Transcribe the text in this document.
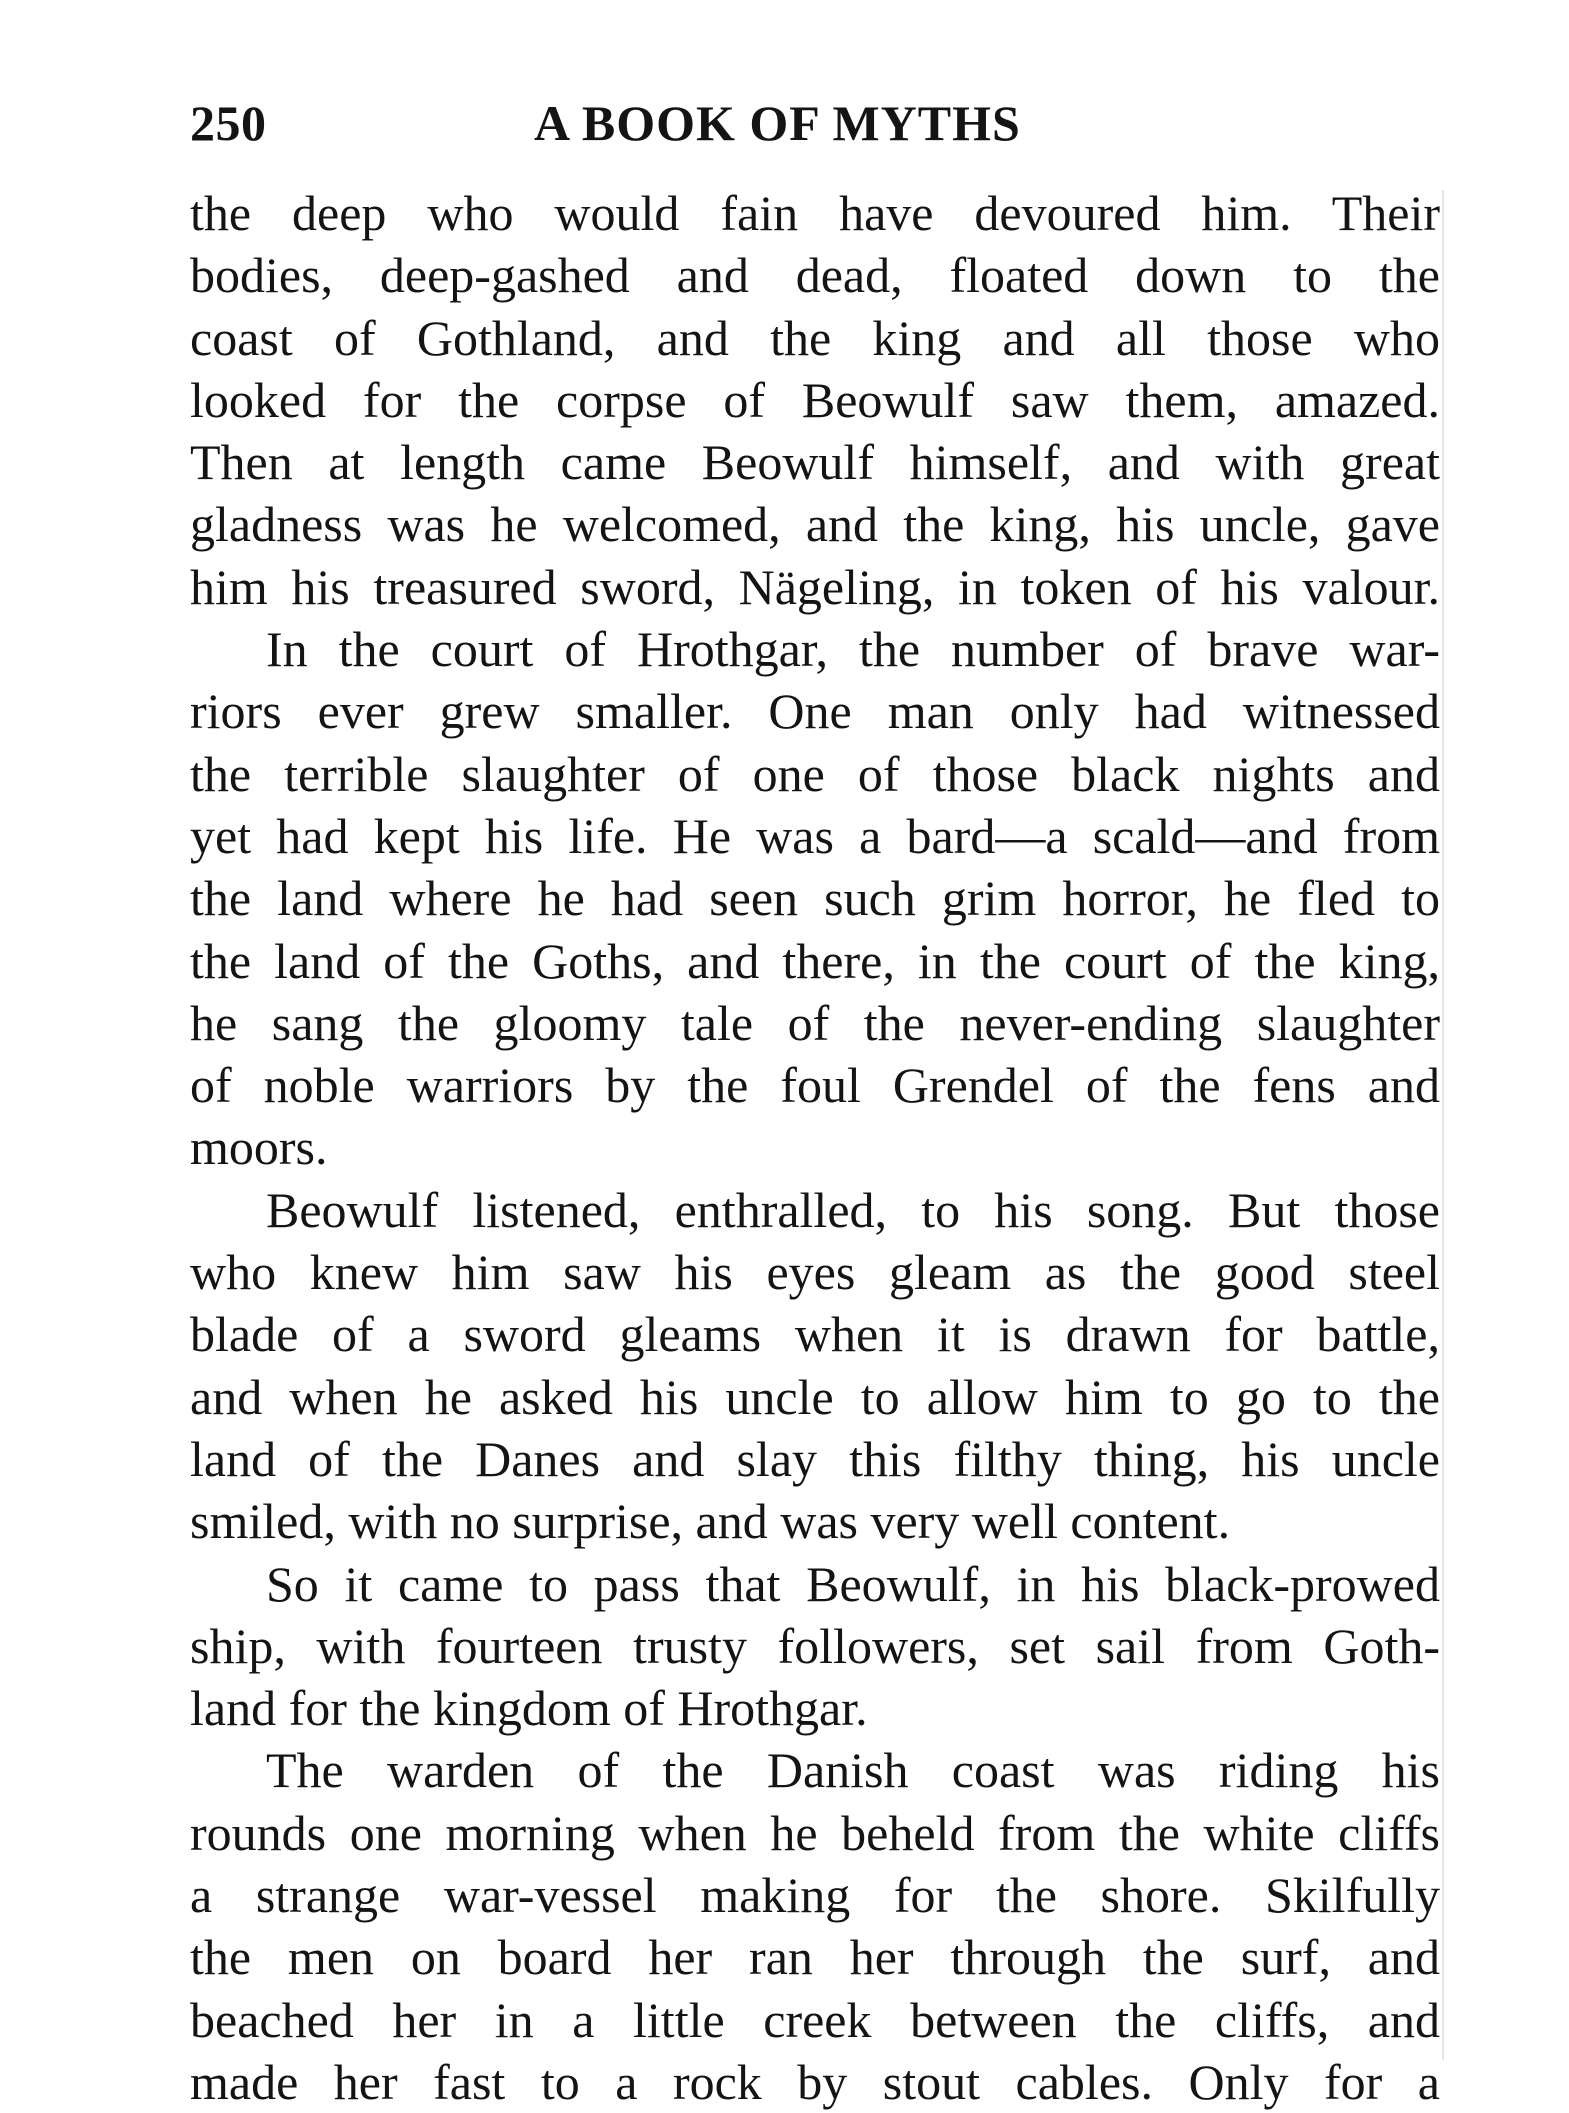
250	A BOOK OF MYTHS
the deep who would fain have devoured him. Their
bodies, deep-gashed and dead, floated down to the
coast of Gothland, and the king and all those who
looked for the corpse of Beowulf saw them, amazed.
Then at length came Beowulf himself, and with great
gladness was he welcomed, and the king, his uncle, gave
him his treasured sword, Nägeling, in token of his valour.
In the court of Hrothgar, the number of brave war-
riors ever grew smaller. One man only had witnessed
the terrible slaughter of one of those black nights and
yet had kept his life. He was a bard—a scald—and from
the land where he had seen such grim horror, he fled to
the land of the Goths, and there, in the court of the king,
he sang the gloomy tale of the never-ending slaughter
of noble warriors by the foul Grendel of the fens and
moors.
Beowulf listened, enthralled, to his song. But those
who knew him saw his eyes gleam as the good steel
blade of a sword gleams when it is drawn for battle,
and when he asked his uncle to allow him to go to the
land of the Danes and slay this filthy thing, his uncle
smiled, with no surprise, and was very well content.
So it came to pass that Beowulf, in his black-prowed
ship, with fourteen trusty followers, set sail from Goth-
land for the kingdom of Hrothgar.
The warden of the Danish coast was riding his
rounds one morning when he beheld from the white cliffs
a strange war-vessel making for the shore. Skilfully
the men on board her ran her through the surf, and
beached her in a little creek between the cliffs, and
made her fast to a rock by stout cables. Only for a
